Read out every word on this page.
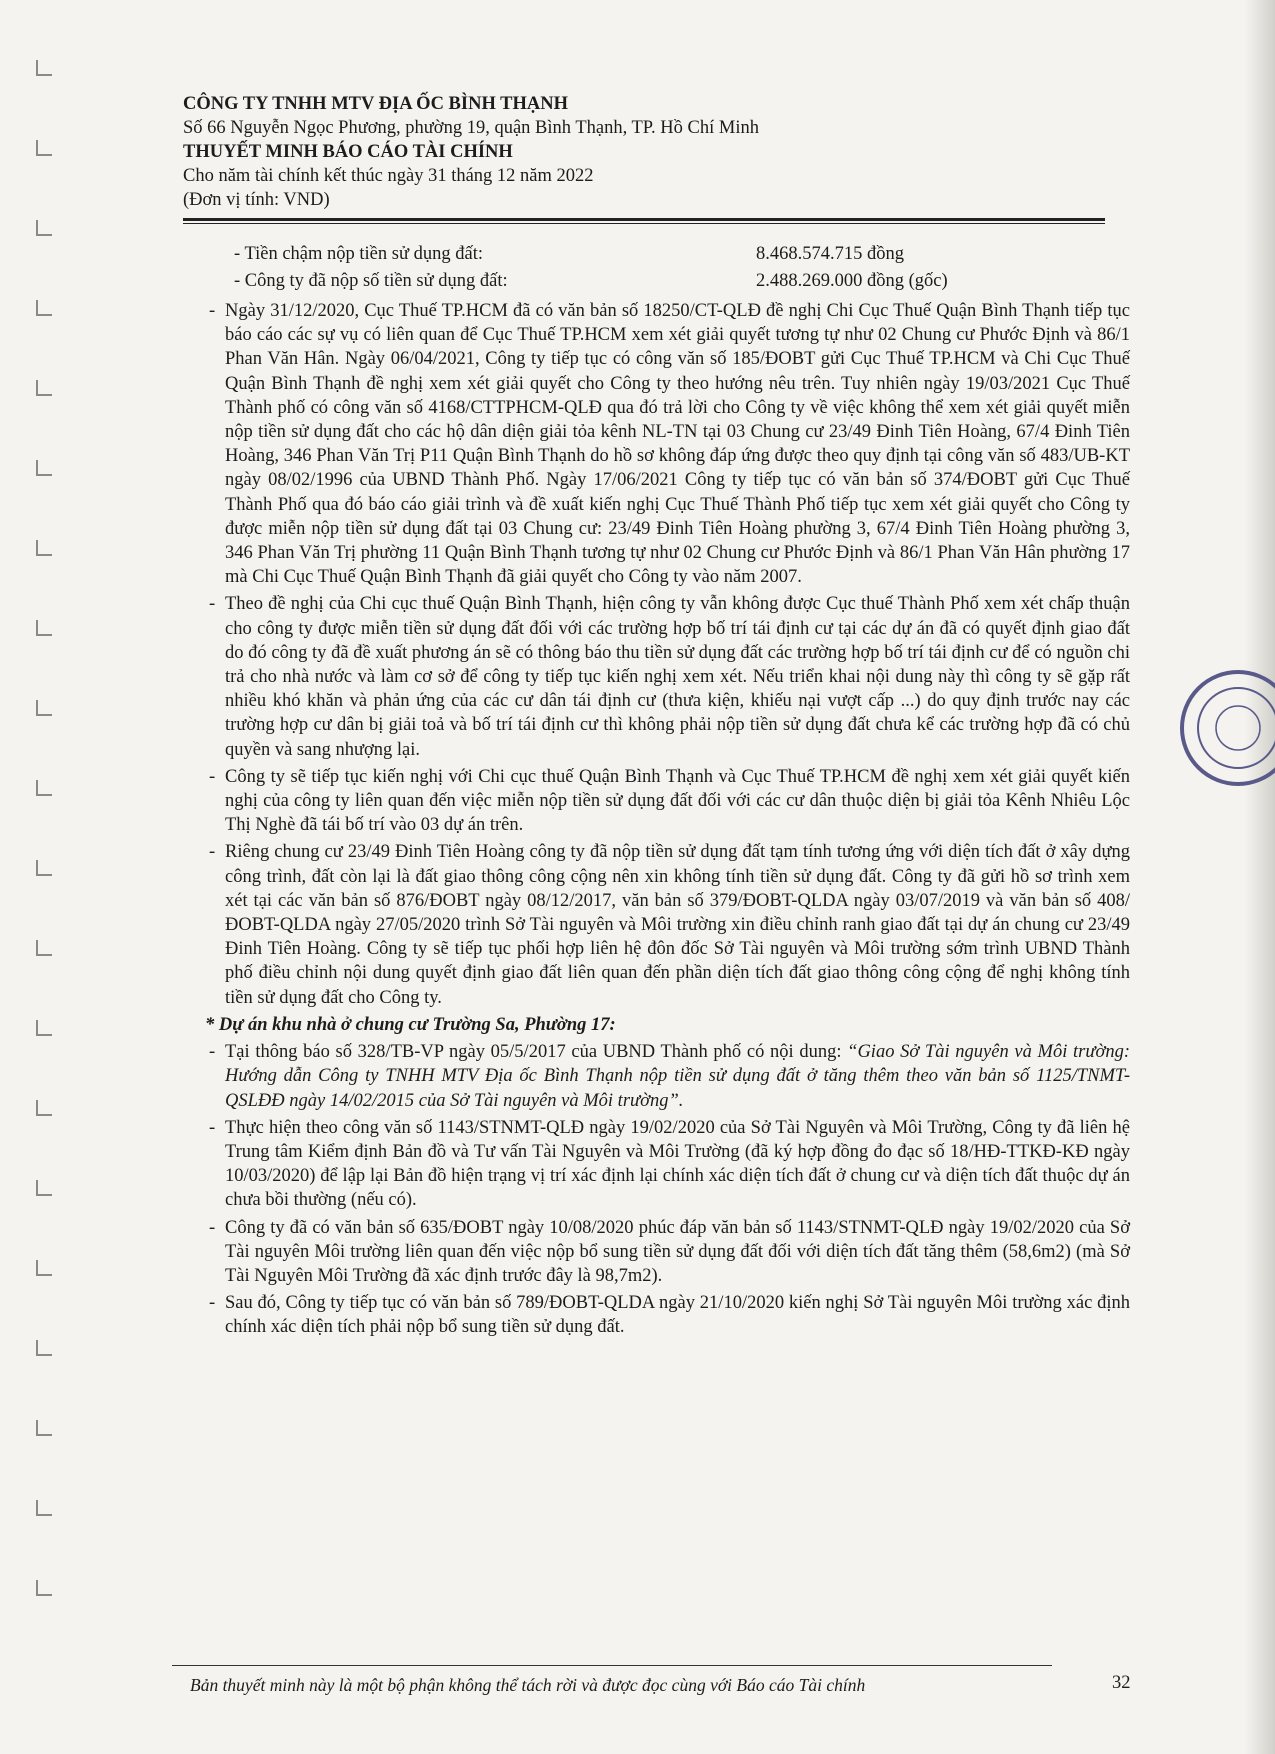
CÔNG TY TNHH MTV ĐỊA ỐC BÌNH THẠNH
Số 66 Nguyễn Ngọc Phương, phường 19, quận Bình Thạnh, TP. Hồ Chí Minh
THUYẾT MINH BÁO CÁO TÀI CHÍNH
Cho năm tài chính kết thúc ngày 31 tháng 12 năm 2022
(Đơn vị tính: VND)
- Tiền chậm nộp tiền sử dụng đất:	8.468.574.715 đồng
- Công ty đã nộp số tiền sử dụng đất:	2.488.269.000 đồng (gốc)
- Ngày 31/12/2020, Cục Thuế TP.HCM đã có văn bản số 18250/CT-QLĐ đề nghị Chi Cục Thuế Quận Bình Thạnh tiếp tục báo cáo các sự vụ có liên quan để Cục Thuế TP.HCM xem xét giải quyết tương tự như 02 Chung cư Phước Định và 86/1 Phan Văn Hân. Ngày 06/04/2021, Công ty tiếp tục có công văn số 185/ĐOBT gửi Cục Thuế TP.HCM và Chi Cục Thuế Quận Bình Thạnh đề nghị xem xét giải quyết cho Công ty theo hướng nêu trên. Tuy nhiên ngày 19/03/2021 Cục Thuế Thành phố có công văn số 4168/CTTPHCM-QLĐ qua đó trả lời cho Công ty về việc không thể xem xét giải quyết miễn nộp tiền sử dụng đất cho các hộ dân diện giải tỏa kênh NL-TN tại 03 Chung cư 23/49 Đinh Tiên Hoàng, 67/4 Đinh Tiên Hoàng, 346 Phan Văn Trị P11 Quận Bình Thạnh do hồ sơ không đáp ứng được theo quy định tại công văn số 483/UB-KT ngày 08/02/1996 của UBND Thành Phố. Ngày 17/06/2021 Công ty tiếp tục có văn bản số 374/ĐOBT gửi Cục Thuế Thành Phố qua đó báo cáo giải trình và đề xuất kiến nghị Cục Thuế Thành Phố tiếp tục xem xét giải quyết cho Công ty được miễn nộp tiền sử dụng đất tại 03 Chung cư: 23/49 Đinh Tiên Hoàng phường 3, 67/4 Đinh Tiên Hoàng phường 3, 346 Phan Văn Trị phường 11 Quận Bình Thạnh tương tự như 02 Chung cư Phước Định và 86/1 Phan Văn Hân phường 17 mà Chi Cục Thuế Quận Bình Thạnh đã giải quyết cho Công ty vào năm 2007.
- Theo đề nghị của Chi cục thuế Quận Bình Thạnh, hiện công ty vẫn không được Cục thuế Thành Phố xem xét chấp thuận cho công ty được miễn tiền sử dụng đất đối với các trường hợp bố trí tái định cư tại các dự án đã có quyết định giao đất do đó công ty đã đề xuất phương án sẽ có thông báo thu tiền sử dụng đất các trường hợp bố trí tái định cư để có nguồn chi trả cho nhà nước và làm cơ sở để công ty tiếp tục kiến nghị xem xét. Nếu triển khai nội dung này thì công ty sẽ gặp rất nhiều khó khăn và phản ứng của các cư dân tái định cư (thưa kiện, khiếu nại vượt cấp ...) do quy định trước nay các trường hợp cư dân bị giải toả và bố trí tái định cư thì không phải nộp tiền sử dụng đất chưa kể các trường hợp đã có chủ quyền và sang nhượng lại.
- Công ty sẽ tiếp tục kiến nghị với Chi cục thuế Quận Bình Thạnh và Cục Thuế TP.HCM đề nghị xem xét giải quyết kiến nghị của công ty liên quan đến việc miễn nộp tiền sử dụng đất đối với các cư dân thuộc diện bị giải tỏa Kênh Nhiêu Lộc Thị Nghè đã tái bố trí vào 03 dự án trên.
- Riêng chung cư 23/49 Đinh Tiên Hoàng công ty đã nộp tiền sử dụng đất tạm tính tương ứng với diện tích đất ở xây dựng công trình, đất còn lại là đất giao thông công cộng nên xin không tính tiền sử dụng đất. Công ty đã gửi hồ sơ trình xem xét tại các văn bản số 876/ĐOBT ngày 08/12/2017, văn bản số 379/ĐOBT-QLDA ngày 03/07/2019 và văn bản số 408/ĐOBT-QLDA ngày 27/05/2020 trình Sở Tài nguyên và Môi trường xin điều chỉnh ranh giao đất tại dự án chung cư 23/49 Đinh Tiên Hoàng. Công ty sẽ tiếp tục phối hợp liên hệ đôn đốc Sở Tài nguyên và Môi trường sớm trình UBND Thành phố điều chỉnh nội dung quyết định giao đất liên quan đến phần diện tích đất giao thông công cộng để nghị không tính tiền sử dụng đất cho Công ty.
* Dự án khu nhà ở chung cư Trường Sa, Phường 17:
- Tại thông báo số 328/TB-VP ngày 05/5/2017 của UBND Thành phố có nội dung: “Giao Sở Tài nguyên và Môi trường: Hướng dẫn Công ty TNHH MTV Địa ốc Bình Thạnh nộp tiền sử dụng đất ở tăng thêm theo văn bản số 1125/TNMT-QSLĐĐ ngày 14/02/2015 của Sở Tài nguyên và Môi trường”.
- Thực hiện theo công văn số 1143/STNMT-QLĐ ngày 19/02/2020 của Sở Tài Nguyên và Môi Trường, Công ty đã liên hệ Trung tâm Kiểm định Bản đồ và Tư vấn Tài Nguyên và Môi Trường (đã ký hợp đồng đo đạc số 18/HĐ-TTKĐ-KĐ ngày 10/03/2020) để lập lại Bản đồ hiện trạng vị trí xác định lại chính xác diện tích đất ở chung cư và diện tích đất thuộc dự án chưa bồi thường (nếu có).
- Công ty đã có văn bản số 635/ĐOBT ngày 10/08/2020 phúc đáp văn bản số 1143/STNMT-QLĐ ngày 19/02/2020 của Sở Tài nguyên Môi trường liên quan đến việc nộp bổ sung tiền sử dụng đất đối với diện tích đất tăng thêm (58,6m2) (mà Sở Tài Nguyên Môi Trường đã xác định trước đây là 98,7m2).
- Sau đó, Công ty tiếp tục có văn bản số 789/ĐOBT-QLDA ngày 21/10/2020 kiến nghị Sở Tài nguyên Môi trường xác định chính xác diện tích phải nộp bổ sung tiền sử dụng đất.
Bản thuyết minh này là một bộ phận không thể tách rời và được đọc cùng với Báo cáo Tài chính	32
